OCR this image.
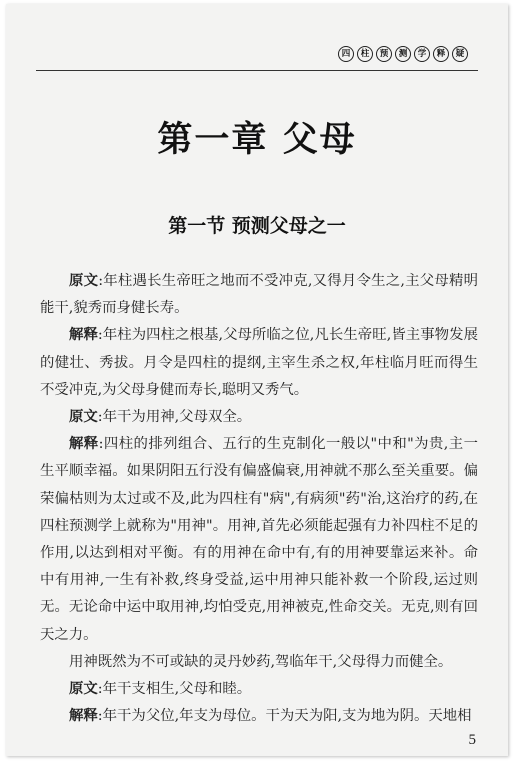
四	柱	预	测	学	释	疑
第一章 父母
第一节 预测父母之一

原文:年柱遇长生帝旺之地而不受冲克,又得月令生之,主父母精明能干,貌秀而身健长寿。

解释:年柱为四柱之根基,父母所临之位,凡长生帝旺,皆主事物发展的健壮、秀拔。月令是四柱的提纲,主宰生杀之权,年柱临月旺而得生不受冲克,为父母身健而寿长,聪明又秀气。

原文:年干为用神,父母双全。

解释:四柱的排列组合、五行的生克制化一般以"中和"为贵,主一生平顺幸福。如果阴阳五行没有偏盛偏衰,用神就不那么至关重要。偏荣偏枯则为太过或不及,此为四柱有"病",有病须"药"治,这治疗的药,在四柱预测学上就称为"用神"。用神,首先必须能起强有力补四柱不足的作用,以达到相对平衡。有的用神在命中有,有的用神要靠运来补。命中有用神,一生有补救,终身受益,运中用神只能补救一个阶段,运过则无。无论命中运中取用神,均怕受克,用神被克,性命交关。无克,则有回天之力。

用神既然为不可或缺的灵丹妙药,驾临年干,父母得力而健全。

原文:年干支相生,父母和睦。

解释:年干为父位,年支为母位。干为天为阳,支为地为阴。天地相

5
